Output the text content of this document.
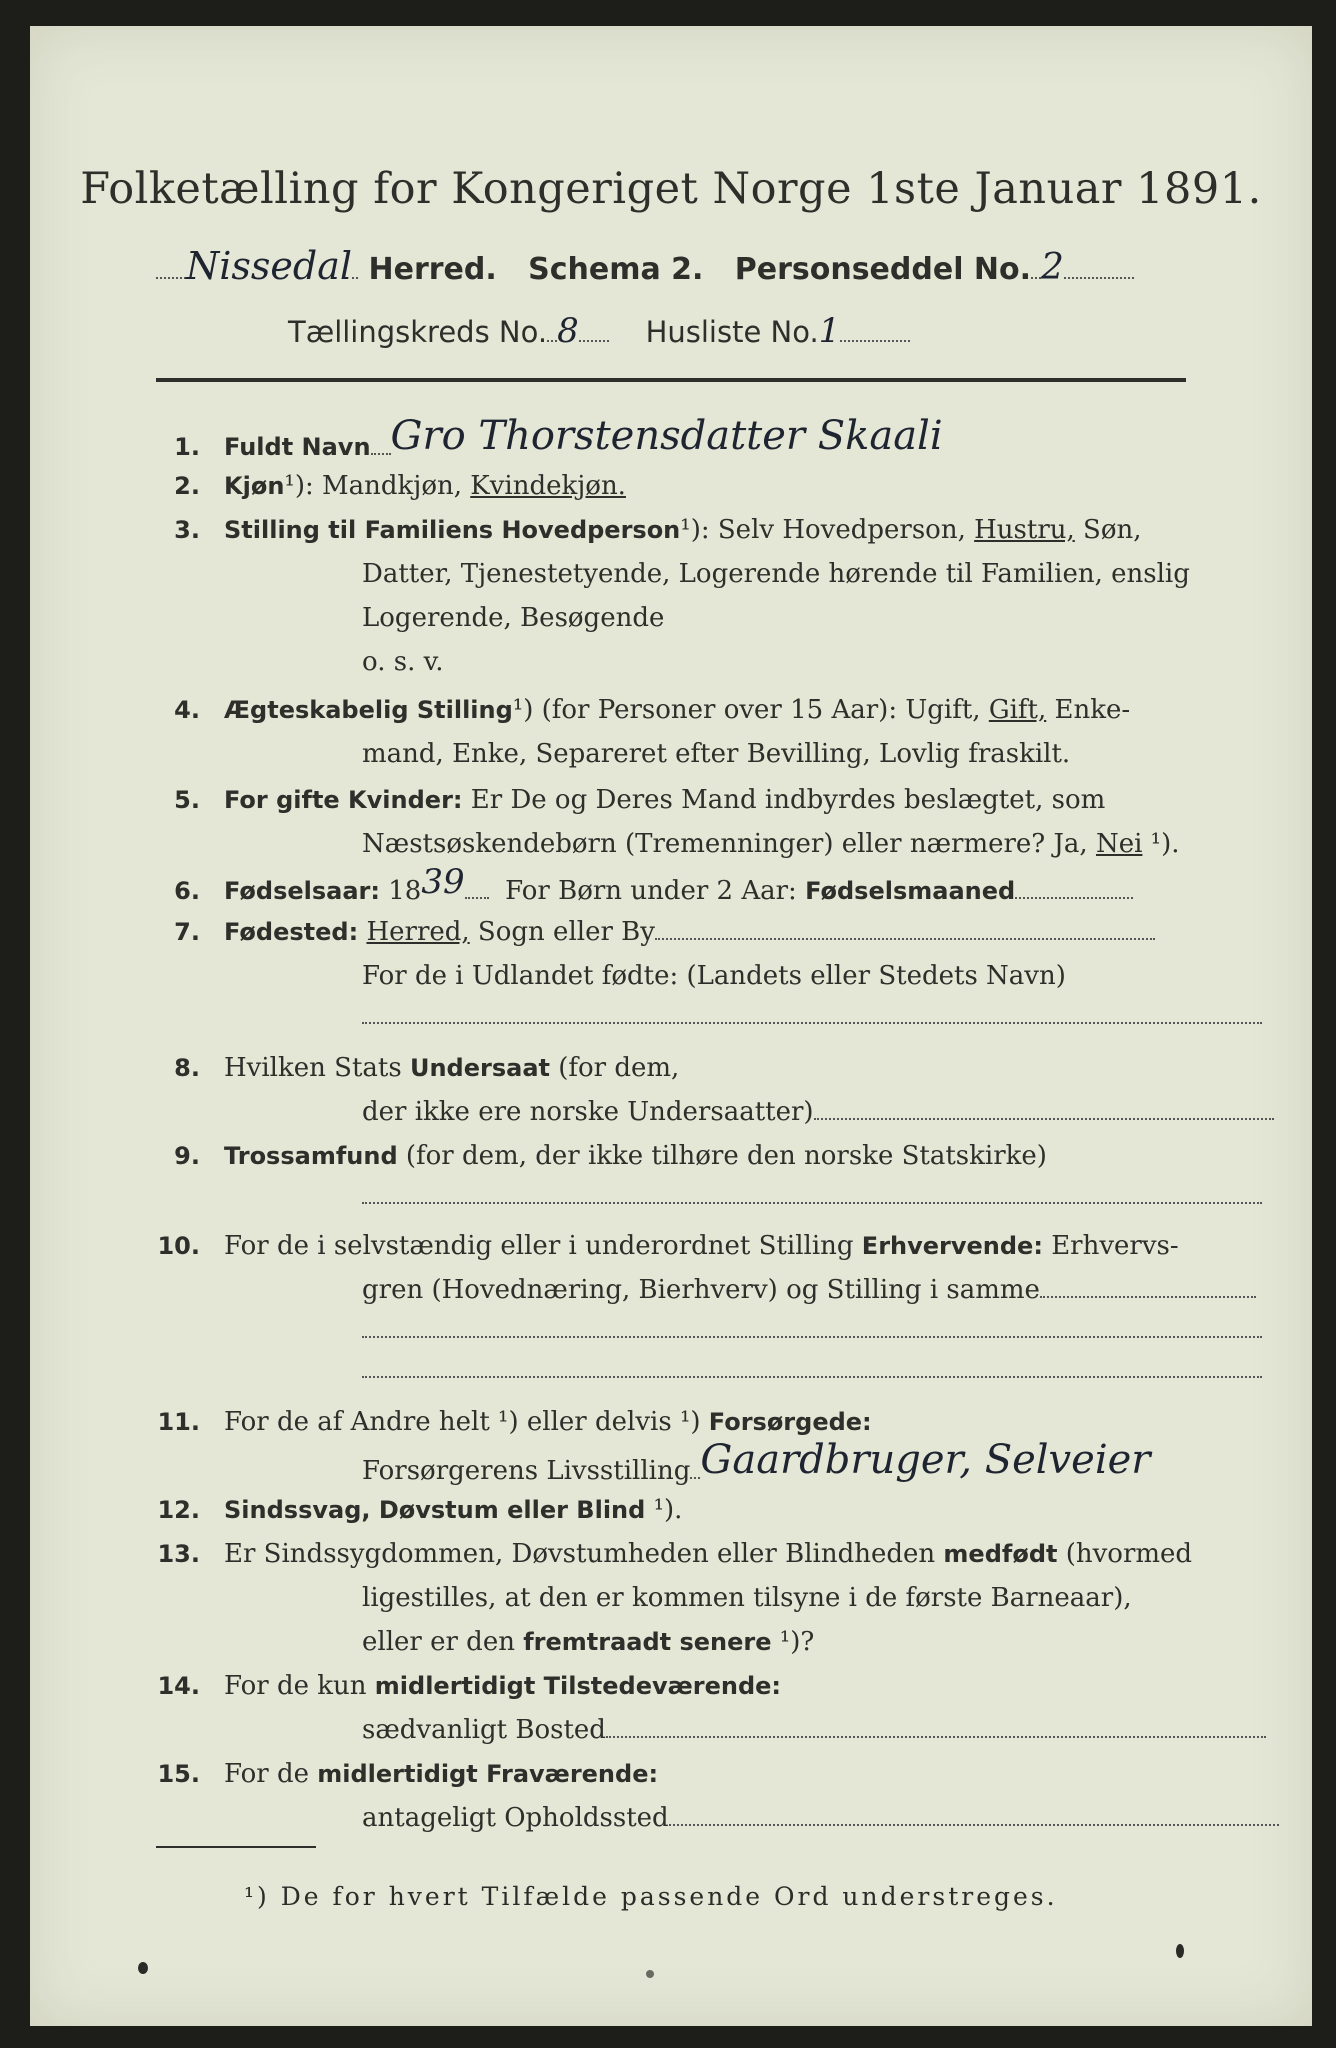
Folketælling for Kongeriget Norge 1ste Januar 1891.
Nissedal Herred. Schema 2. Personseddel No. 2
Tællingskreds No. 8 Husliste No.1
1. Fuldt Navn Gro Thorstensdatter Skaali
2. Kjøn¹): Mandkjøn, Kvindekjøn.
3. Stilling til Familiens Hovedperson¹): Selv Hovedperson, Hustru, Søn,
Datter, Tjenestetyende, Logerende hørende til Familien, enslig
Logerende, Besøgende
o. s. v.
4. Ægteskabelig Stilling¹) (for Personer over 15 Aar): Ugift, Gift, Enke-
mand, Enke, Separeret efter Bevilling, Lovlig fraskilt.
5. For gifte Kvinder: Er De og Deres Mand indbyrdes beslægtet, som
Næstsøskendebørn (Tremenninger) eller nærmere? Ja, Nei ¹).
6. Fødselsaar: 1839 For Børn under 2 Aar: Fødselsmaaned
7. Fødested: Herred, Sogn eller By
For de i Udlandet fødte: (Landets eller Stedets Navn)
8. Hvilken Stats Undersaat (for dem,
der ikke ere norske Undersaatter)
9. Trossamfund (for dem, der ikke tilhøre den norske Statskirke)
10. For de i selvstændig eller i underordnet Stilling Erhvervende: Erhvervs-
gren (Hovednæring, Bierhverv) og Stilling i samme
11. For de af Andre helt ¹) eller delvis ¹) Forsørgede:
Forsørgerens Livsstilling Gaardbruger, Selveier
12. Sindssvag, Døvstum eller Blind ¹).
13. Er Sindssygdommen, Døvstumheden eller Blindheden medfødt (hvormed
ligestilles, at den er kommen tilsyne i de første Barneaar),
eller er den fremtraadt senere ¹)?
14. For de kun midlertidigt Tilstedeværende:
sædvanligt Bosted
15. For de midlertidigt Fraværende:
antageligt Opholdssted
¹) De for hvert Tilfælde passende Ord understreges.
